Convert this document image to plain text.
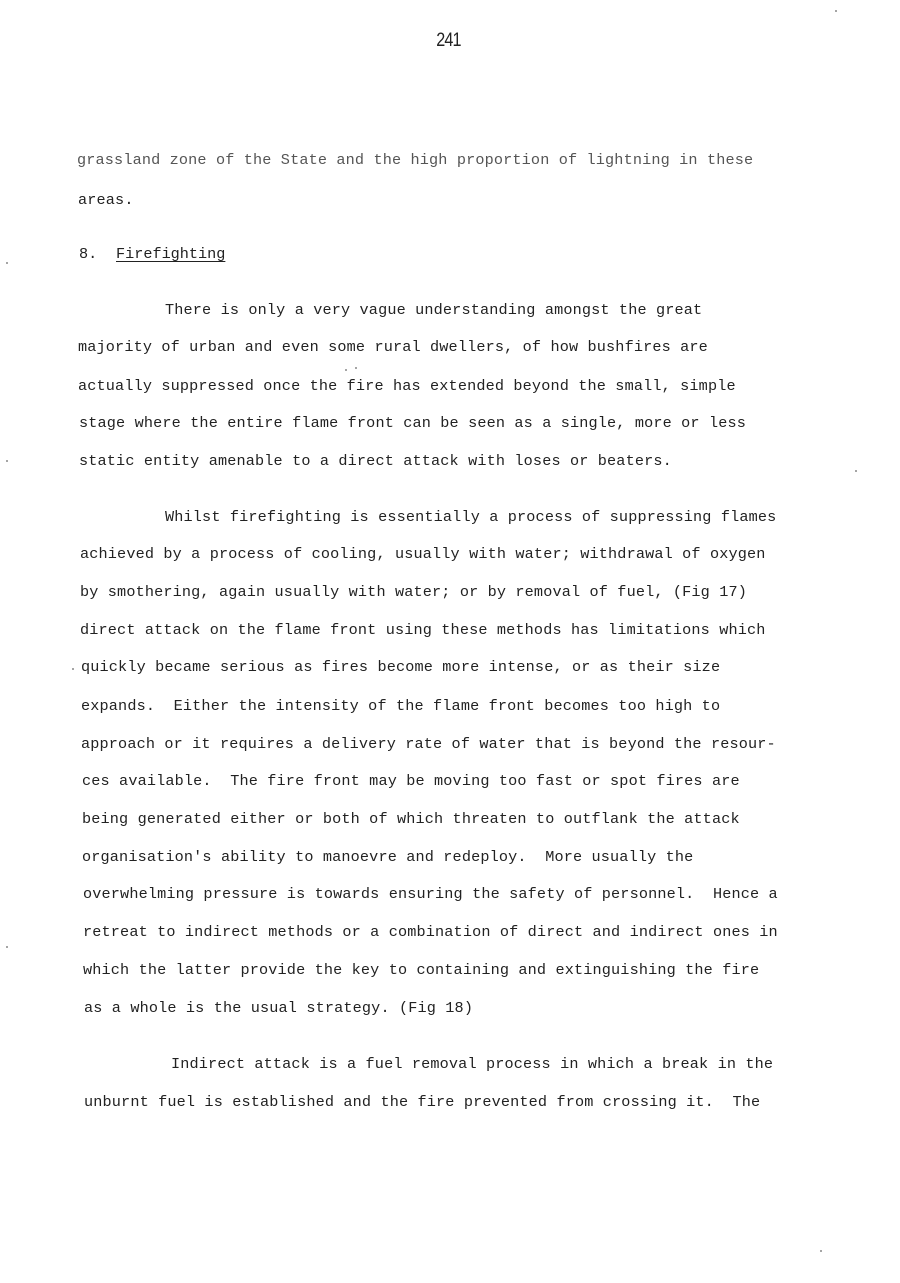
241
grassland zone of the State and the high proportion of lightning in these
areas.
8. Firefighting
There is only a very vague understanding amongst the great
majority of urban and even some rural dwellers, of how bushfires are
actually suppressed once the fire has extended beyond the small, simple
stage where the entire flame front can be seen as a single, more or less
static entity amenable to a direct attack with loses or beaters.
Whilst firefighting is essentially a process of suppressing flames
achieved by a process of cooling, usually with water; withdrawal of oxygen
by smothering, again usually with water; or by removal of fuel, (Fig 17)
direct attack on the flame front using these methods has limitations which
quickly became serious as fires become more intense, or as their size
expands.  Either the intensity of the flame front becomes too high to
approach or it requires a delivery rate of water that is beyond the resour-
ces available.  The fire front may be moving too fast or spot fires are
being generated either or both of which threaten to outflank the attack
organisation's ability to manoevre and redeploy.  More usually the
overwhelming pressure is towards ensuring the safety of personnel.  Hence a
retreat to indirect methods or a combination of direct and indirect ones in
which the latter provide the key to containing and extinguishing the fire
as a whole is the usual strategy. (Fig 18)
Indirect attack is a fuel removal process in which a break in the
unburnt fuel is established and the fire prevented from crossing it.  The
